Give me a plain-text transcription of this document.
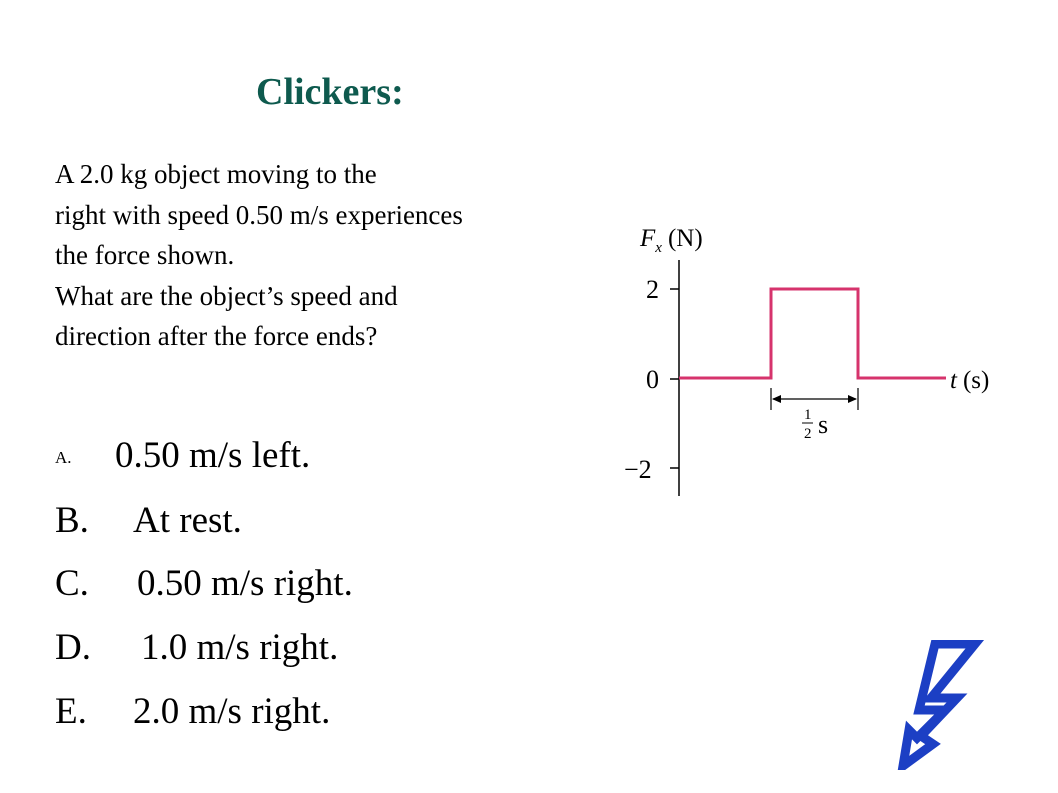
Clickers:
A 2.0 kg object moving to the
right with speed 0.50 m/s experiences
the force shown.
What are the object’s speed and
direction after the force ends?
A. 0.50 m/s left.
B. At rest.
C. 0.50 m/s right.
D. 1.0 m/s right.
E. 2.0 m/s right.
$F_x$ (N)
2
0
−2
t (s)
1
2 s
